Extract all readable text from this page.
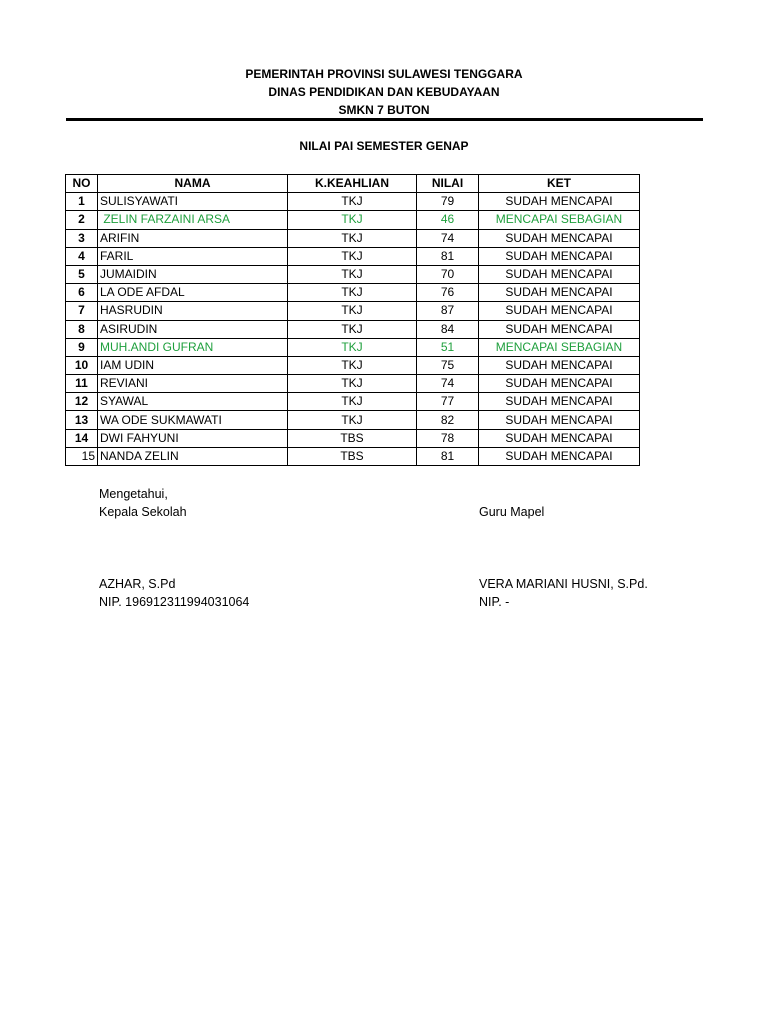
PEMERINTAH PROVINSI SULAWESI TENGGARA
DINAS PENDIDIKAN DAN KEBUDAYAAN
SMKN 7 BUTON
NILAI PAI SEMESTER GENAP
NO	NAMA	K.KEAHLIAN	NILAI	KET
1	SULISYAWATI	TKJ	79	SUDAH MENCAPAI
2	ZELIN FARZAINI ARSA	TKJ	46	MENCAPAI SEBAGIAN
3	ARIFIN	TKJ	74	SUDAH MENCAPAI
4	FARIL	TKJ	81	SUDAH MENCAPAI
5	JUMAIDIN	TKJ	70	SUDAH MENCAPAI
6	LA ODE AFDAL	TKJ	76	SUDAH MENCAPAI
7	HASRUDIN	TKJ	87	SUDAH MENCAPAI
8	ASIRUDIN	TKJ	84	SUDAH MENCAPAI
9	MUH.ANDI GUFRAN	TKJ	51	MENCAPAI SEBAGIAN
10	IAM UDIN	TKJ	75	SUDAH MENCAPAI
11	REVIANI	TKJ	74	SUDAH MENCAPAI
12	SYAWAL	TKJ	77	SUDAH MENCAPAI
13	WA ODE SUKMAWATI	TKJ	82	SUDAH MENCAPAI
14	DWI FAHYUNI	TBS	78	SUDAH MENCAPAI
15	NANDA ZELIN	TBS	81	SUDAH MENCAPAI
Mengetahui,
Kepala Sekolah	Guru Mapel
AZHAR, S.Pd	VERA MARIANI HUSNI, S.Pd.
NIP. 196912311994031064	NIP. -
